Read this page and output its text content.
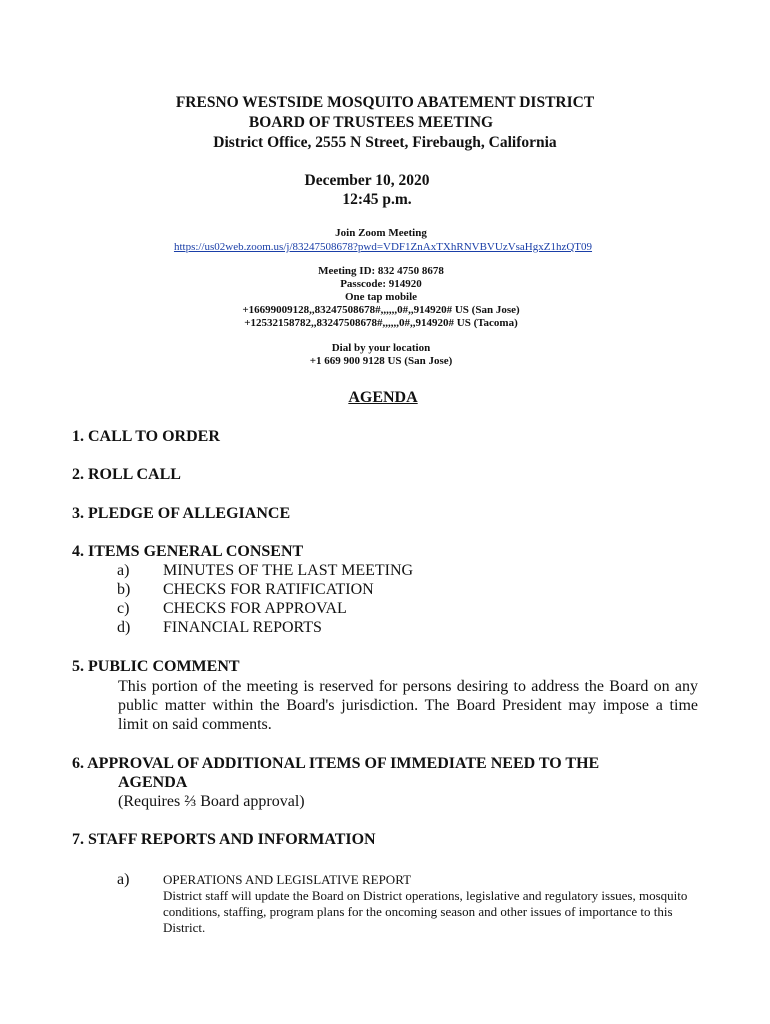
FRESNO WESTSIDE MOSQUITO ABATEMENT DISTRICT
BOARD OF TRUSTEES MEETING
District Office, 2555 N Street, Firebaugh, California
December 10, 2020
12:45 p.m.
Join Zoom Meeting
https://us02web.zoom.us/j/83247508678?pwd=VDF1ZnAxTXhRNVBVUzVsaHgxZ1hzQT09
Meeting ID: 832 4750 8678
Passcode: 914920
One tap mobile
+16699009128,,83247508678#,,,,,,0#,,914920# US (San Jose)
+12532158782,,83247508678#,,,,,,0#,,914920# US (Tacoma)
Dial by your location
+1 669 900 9128 US (San Jose)
AGENDA
1. CALL TO ORDER
2. ROLL CALL
3. PLEDGE OF ALLEGIANCE
4. ITEMS GENERAL CONSENT
a) MINUTES OF THE LAST MEETING
b) CHECKS FOR RATIFICATION
c) CHECKS FOR APPROVAL
d) FINANCIAL REPORTS
5. PUBLIC COMMENT
This portion of the meeting is reserved for persons desiring to address the Board on any public matter within the Board's jurisdiction. The Board President may impose a time limit on said comments.
6. APPROVAL OF ADDITIONAL ITEMS OF IMMEDIATE NEED TO THE
AGENDA
(Requires ⅔ Board approval)
7. STAFF REPORTS AND INFORMATION
a)	OPERATIONS AND LEGISLATIVE REPORT
District staff will update the Board on District operations, legislative and regulatory issues, mosquito conditions, staffing, program plans for the oncoming season and other issues of importance to this District.
